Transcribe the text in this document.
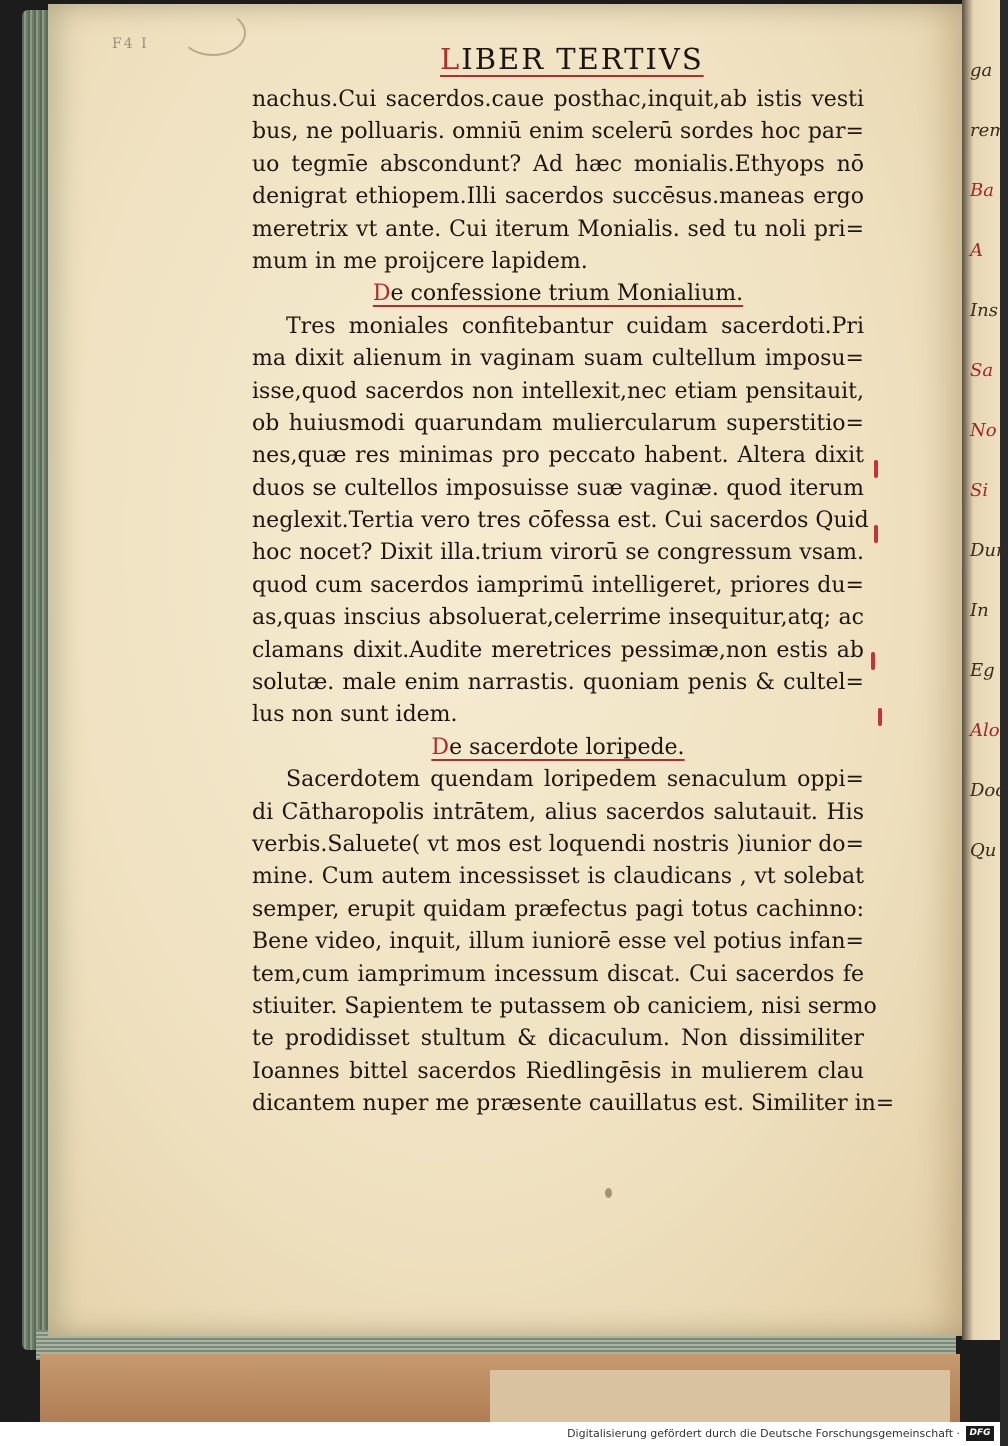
ga
rem
Ba
A
Ins
Sa
No
Si
Dun
In
Eg
Alo
Doc
Qu
F4 I	LIBER TERTIVS
nachus.Cui sacerdos.caue posthac,inquit,ab istis vesti
bus, ne polluaris. omniū enim scelerū sordes hoc par=
uo tegmīe abscondunt? Ad hæc monialis.Ethyops nō
denigrat ethiopem.Illi sacerdos succēsus.maneas ergo
meretrix vt ante. Cui iterum Monialis. sed tu noli pri=
mum in me proijcere lapidem.
De confessione trium Monialium.
Tres moniales confitebantur cuidam sacerdoti.Pri
ma dixit alienum in vaginam suam cultellum imposu=
isse,quod sacerdos non intellexit,nec etiam pensitauit,
ob huiusmodi quarundam muliercularum superstitio=
nes,quæ res minimas pro peccato habent. Altera dixit
duos se cultellos imposuisse suæ vaginæ. quod iterum
neglexit.Tertia vero tres cōfessa est. Cui sacerdos Quid
hoc nocet? Dixit illa.trium virorū se congressum vsam.
quod cum sacerdos iamprimū intelligeret, priores du=
as,quas inscius absoluerat,celerrime insequitur,atq; ac
clamans dixit.Audite meretrices pessimæ,non estis ab
solutæ. male enim narrastis. quoniam penis & cultel=
lus non sunt idem.
De sacerdote loripede.
Sacerdotem quendam loripedem senaculum oppi=
di Cātharopolis intrātem, alius sacerdos salutauit. His
verbis.Saluete( vt mos est loquendi nostris )iunior do=
mine. Cum autem incessisset is claudicans , vt solebat
semper, erupit quidam præfectus pagi totus cachinno:
Bene video, inquit, illum iuniorē esse vel potius infan=
tem,cum iamprimum incessum discat. Cui sacerdos fe
stiuiter. Sapientem te putassem ob caniciem, nisi sermo
te prodidisset stultum & dicaculum. Non dissimiliter
Ioannes bittel sacerdos Riedlingēsis in mulierem clau
dicantem nuper me præsente cauillatus est. Similiter in=
Digitalisierung gefördert durch die Deutsche Forschungsgemeinschaft ·	DFG
